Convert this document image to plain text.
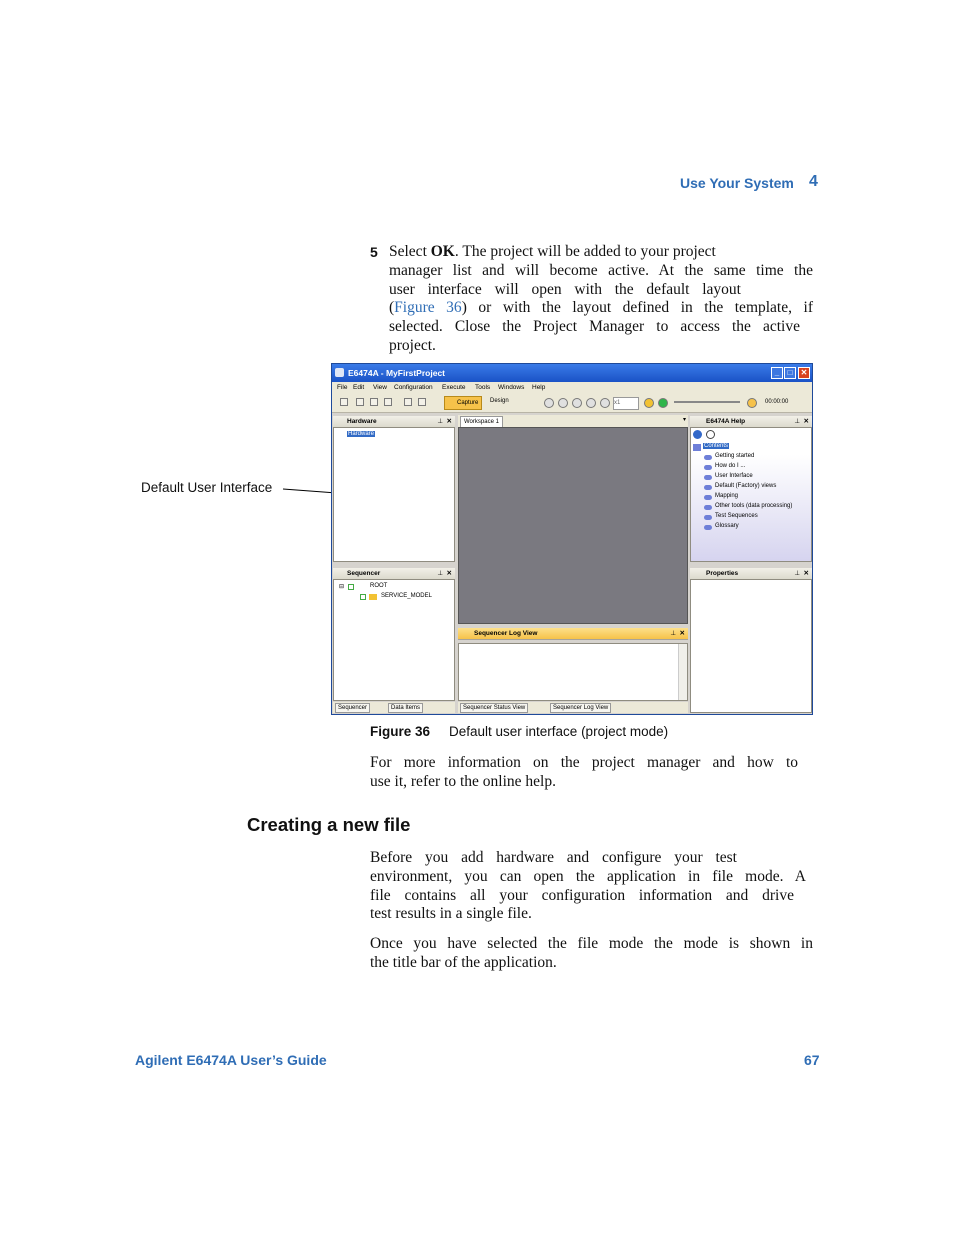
Use Your System 4
5 Select OK. The project will be added to your project
manager list and will become active. At the same time the
user interface will open with the default layout
(Figure 36) or with the layout defined in the template, if
selected. Close the Project Manager to access the active
project.
Default User Interface
E6474A - MyFirstProject	_	□	✕
File Edit View Configuration Execute Tools Windows Help
Capture	Design	x1	00:00:00
Hardware	⊥ ✕
Hardware
Sequencer	⊥ ✕
⊟	ROOT
SERVICE_MODEL
Sequencer	Data Items
Workspace 1	▾
Sequencer Log View	⊥ ✕
Sequencer Status View	Sequencer Log View
E6474A Help	⊥ ✕
Contents
Getting started
How do I ...
User Interface
Default (Factory) views
Mapping
Other tools (data processing)
Test Sequences
Glossary
Properties	⊥ ✕
Figure 36 Default user interface (project mode)
For more information on the project manager and how to
use it, refer to the online help.
Creating a new file
Before you add hardware and configure your test
environment, you can open the application in file mode. A
file contains all your configuration information and drive
test results in a single file.
Once you have selected the file mode the mode is shown in
the title bar of the application.
Agilent E6474A User’s Guide	67
